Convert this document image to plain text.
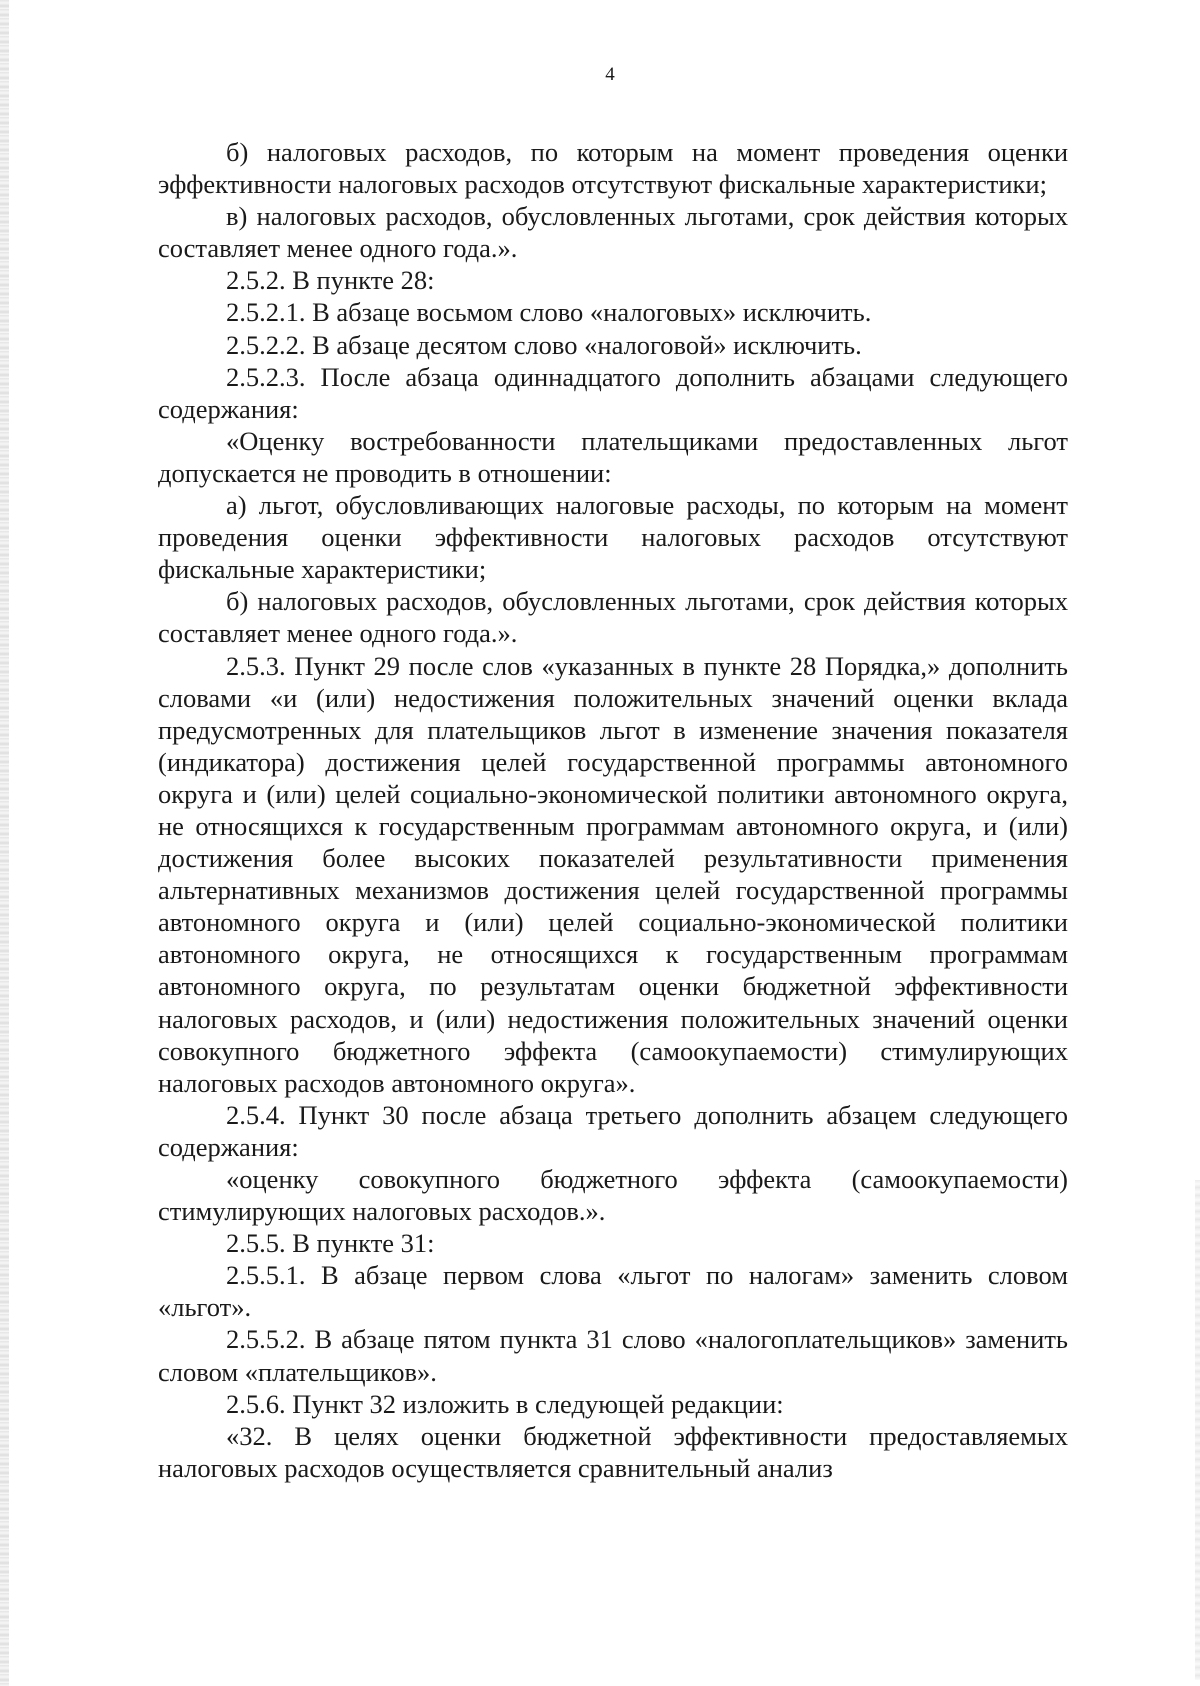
4

б) налоговых расходов, по которым на момент проведения оценки эффективности налоговых расходов отсутствуют фискальные характеристики;

в) налоговых расходов, обусловленных льготами, срок действия которых составляет менее одного года.».

2.5.2. В пункте 28:

2.5.2.1. В абзаце восьмом слово «налоговых» исключить.

2.5.2.2. В абзаце десятом слово «налоговой» исключить.

2.5.2.3. После абзаца одиннадцатого дополнить абзацами следующего содержания:

«Оценку востребованности плательщиками предоставленных льгот допускается не проводить в отношении:

а) льгот, обусловливающих налоговые расходы, по которым на момент проведения оценки эффективности налоговых расходов отсутствуют фискальные характеристики;

б) налоговых расходов, обусловленных льготами, срок действия которых составляет менее одного года.».

2.5.3. Пункт 29 после слов «указанных в пункте 28 Порядка,» дополнить словами «и (или) недостижения положительных значений оценки вклада предусмотренных для плательщиков льгот в изменение значения показателя (индикатора) достижения целей государственной программы автономного округа и (или) целей социально-экономической политики автономного округа, не относящихся к государственным программам автономного округа, и (или) достижения более высоких показателей результативности применения альтернативных механизмов достижения целей государственной программы автономного округа и (или) целей социально-экономической политики автономного округа, не относящихся к государственным программам автономного округа, по результатам оценки бюджетной эффективности налоговых расходов, и (или) недостижения положительных значений оценки совокупного бюджетного эффекта (самоокупаемости) стимулирующих налоговых расходов автономного округа».

2.5.4. Пункт 30 после абзаца третьего дополнить абзацем следующего содержания:

«оценку совокупного бюджетного эффекта (самоокупаемости) стимулирующих налоговых расходов.».

2.5.5. В пункте 31:

2.5.5.1. В абзаце первом слова «льгот по налогам» заменить словом «льгот».

2.5.5.2. В абзаце пятом пункта 31 слово «налогоплательщиков» заменить словом «плательщиков».

2.5.6. Пункт 32 изложить в следующей редакции:

«32. В целях оценки бюджетной эффективности предоставляемых налоговых расходов осуществляется сравнительный анализ
